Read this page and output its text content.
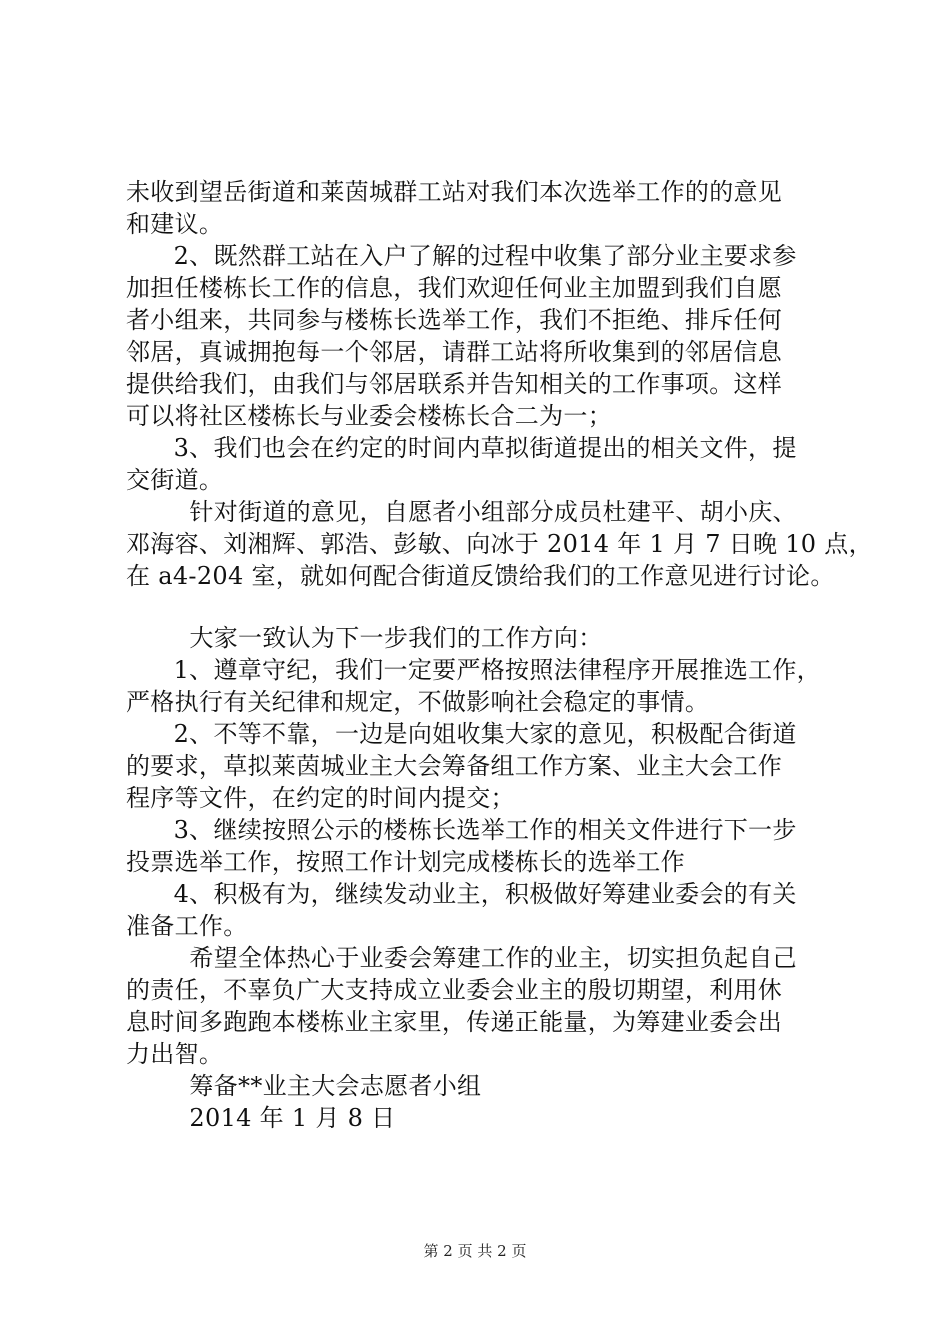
未收到望岳街道和莱茵城群工站对我们本次选举工作的的意见

和建议。

2、既然群工站在入户了解的过程中收集了部分业主要求参

加担任楼栋长工作的信息，我们欢迎任何业主加盟到我们自愿

者小组来，共同参与楼栋长选举工作，我们不拒绝、排斥任何

邻居，真诚拥抱每一个邻居，请群工站将所收集到的邻居信息

提供给我们，由我们与邻居联系并告知相关的工作事项。这样

可以将社区楼栋长与业委会楼栋长合二为一；

3、我们也会在约定的时间内草拟街道提出的相关文件，提

交街道。

针对街道的意见，自愿者小组部分成员杜建平、胡小庆、

邓海容、刘湘辉、郭浩、彭敏、向冰于 2014 年 1 月 7 日晚 10 点，

在 a4-204 室，就如何配合街道反馈给我们的工作意见进行讨论。

大家一致认为下一步我们的工作方向：

1、遵章守纪，我们一定要严格按照法律程序开展推选工作，

严格执行有关纪律和规定，不做影响社会稳定的事情。

2、不等不靠，一边是向姐收集大家的意见，积极配合街道

的要求，草拟莱茵城业主大会筹备组工作方案、业主大会工作

程序等文件，在约定的时间内提交；

3、继续按照公示的楼栋长选举工作的相关文件进行下一步

投票选举工作，按照工作计划完成楼栋长的选举工作

4、积极有为，继续发动业主，积极做好筹建业委会的有关

准备工作。

希望全体热心于业委会筹建工作的业主，切实担负起自己

的责任，不辜负广大支持成立业委会业主的殷切期望，利用休

息时间多跑跑本楼栋业主家里，传递正能量，为筹建业委会出

力出智。

筹备**业主大会志愿者小组

2014 年 1 月 8 日

第 2 页 共 2 页
